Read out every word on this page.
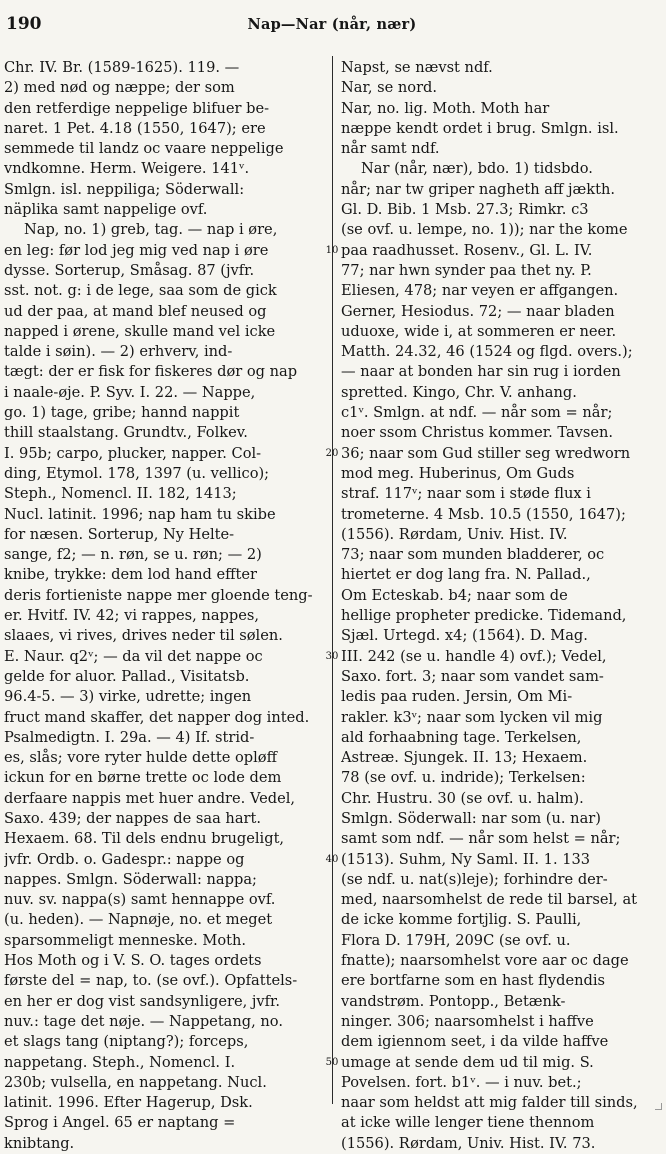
190	Nap—Nar (når, nær)
Chr. IV. Br. (1589-1625). 119. —
2) med nød og næppe; der som
den retferdige neppelige blifuer be-
naret. 1 Pet. 4.18 (1550, 1647); ere
semmede til landz oc vaare neppelige
vndkomne. Herm. Weigere. 141ᵛ.
Smlgn. isl. neppiliga; Söderwall:
näplika samt nappelige ovf.
Nap, no. 1) greb, tag. — nap i øre,
en leg: før lod jeg mig ved nap i øre
dysse. Sorterup, Småsag. 87 (jvfr.
sst. not. g: i de lege, saa som de gick
ud der paa, at mand blef neused og
napped i ørene, skulle mand vel icke
talde i søin). — 2) erhverv, ind-
tægt: der er fisk for fiskeres dør og nap
i naale-øje. P. Syv. I. 22. — Nappe,
go. 1) tage, gribe; hannd nappit
thill staalstang. Grundtv., Folkev.
I. 95b; carpo, plucker, napper. Col-
ding, Etymol. 178, 1397 (u. vellico);
Steph., Nomencl. II. 182, 1413;
Nucl. latinit. 1996; nap ham tu skibe
for næsen. Sorterup, Ny Helte-
sange, f2; — n. røn, se u. røn; — 2)
knibe, trykke: dem lod hand effter
deris fortieniste nappe mer gloende teng-
er. Hvitf. IV. 42; vi rappes, nappes,
slaaes, vi rives, drives neder til sølen.
E. Naur. q2ᵛ; — da vil det nappe oc
gelde for aluor. Pallad., Visitatsb.
96.4-5. — 3) virke, udrette; ingen
fruct mand skaffer, det napper dog inted.
Psalmedigtn. I. 29a. — 4) If. strid-
es, slås; vore ryter hulde dette opløff
ickun for en børne trette oc lode dem
derfaare nappis met huer andre. Vedel,
Saxo. 439; der nappes de saa hart.
Hexaem. 68. Til dels endnu brugeligt,
jvfr. Ordb. o. Gadespr.: nappe og
nappes. Smlgn. Söderwall: nappa;
nuv. sv. nappa(s) samt hennappe ovf.
(u. heden). — Napnøje, no. et meget
sparsommeligt menneske. Moth.
Hos Moth og i V. S. O. tages ordets
første del = nap, to. (se ovf.). Opfattels-
en her er dog vist sandsynligere, jvfr.
nuv.: tage det nøje. — Nappetang, no.
et slags tang (niptang?); forceps,
nappetang. Steph., Nomencl. I.
230b; vulsella, en nappetang. Nucl.
latinit. 1996. Efter Hagerup, Dsk.
Sprog i Angel. 65 er naptang =
knibtang.
10
20
30
40
50
Napst, se nævst ndf.
Nar, se nord.
Nar, no. lig. Moth. Moth har
næppe kendt ordet i brug. Smlgn. isl.
når samt ndf.
Nar (når, nær), bdo. 1) tidsbdo.
når; nar tw griper nagheth aff jækth.
Gl. D. Bib. 1 Msb. 27.3; Rimkr. c3
(se ovf. u. lempe, no. 1)); nar the kome
paa raadhusset. Rosenv., Gl. L. IV.
77; nar hwn synder paa thet ny. P.
Eliesen, 478; nar veyen er affgangen.
Gerner, Hesiodus. 72; — naar bladen
uduoxe, wide i, at sommeren er neer.
Matth. 24.32, 46 (1524 og flgd. overs.);
— naar at bonden har sin rug i iorden
spretted. Kingo, Chr. V. anhang.
c1ᵛ. Smlgn. at ndf. — når som = når;
noer ssom Christus kommer. Tavsen.
36; naar som Gud stiller seg wredworn
mod meg. Huberinus, Om Guds
straf. 117ᵛ; naar som i støde flux i
trometerne. 4 Msb. 10.5 (1550, 1647);
(1556). Rørdam, Univ. Hist. IV.
73; naar som munden bladderer, oc
hiertet er dog lang fra. N. Pallad.,
Om Ecteskab. b4; naar som de
hellige propheter predicke. Tidemand,
Sjæl. Urtegd. x4; (1564). D. Mag.
III. 242 (se u. handle 4) ovf.); Vedel,
Saxo. fort. 3; naar som vandet sam-
ledis paa ruden. Jersin, Om Mi-
rakler. k3ᵛ; naar som lycken vil mig
ald forhaabning tage. Terkelsen,
Astreæ. Sjungek. II. 13; Hexaem.
78 (se ovf. u. indride); Terkelsen:
Chr. Hustru. 30 (se ovf. u. halm).
Smlgn. Söderwall: nar som (u. nar)
samt som ndf. — når som helst = når;
(1513). Suhm, Ny Saml. II. 1. 133
(se ndf. u. nat(s)leje); forhindre der-
med, naarsomhelst de rede til barsel, at
de icke komme fortjlig. S. Paulli,
Flora D. 179H, 209C (se ovf. u.
fnatte); naarsomhelst vore aar oc dage
ere bortfarne som en hast flydendis
vandstrøm. Pontopp., Betænk-
ninger. 306; naarsomhelst i haffve
dem igiennom seet, i da vilde haffve
umage at sende dem ud til mig. S.
Povelsen. fort. b1ᵛ. — i nuv. bet.;
naar som heldst att mig falder till sinds,
at icke wille lenger tiene thennom
(1556). Rørdam, Univ. Hist. IV. 73.
